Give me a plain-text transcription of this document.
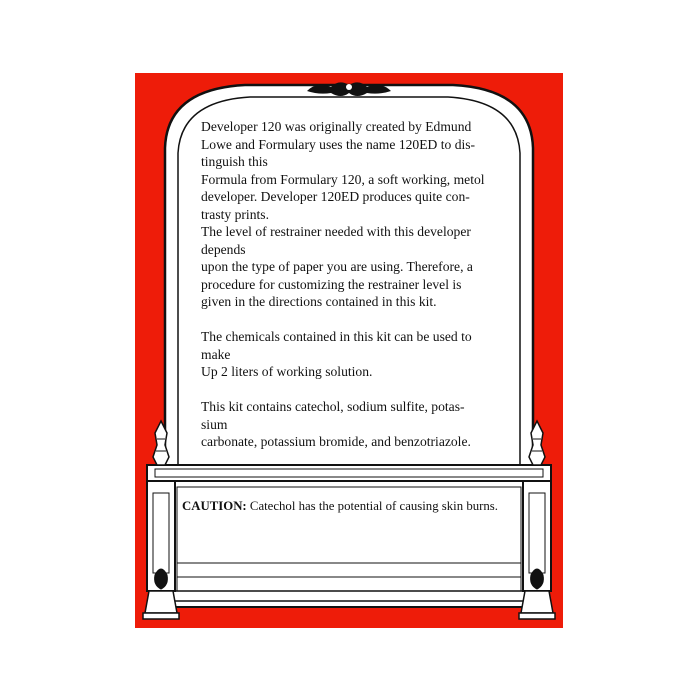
Developer 120 was originally created by Edmund
Lowe and Formulary uses the name 120ED to dis-
tinguish this
Formula from Formulary 120, a soft working, metol
developer. Developer 120ED produces quite con-
trasty prints.
The level of restrainer needed with this developer
depends
upon the type of paper you are using. Therefore, a
procedure for customizing the restrainer level is
given in the directions contained in this kit.
The chemicals contained in this kit can be used to
make
Up 2 liters of working solution.
This kit contains catechol, sodium sulfite, potas-
sium
carbonate, potassium bromide, and benzotriazole.
CAUTION: Catechol has the potential of causing skin burns.
